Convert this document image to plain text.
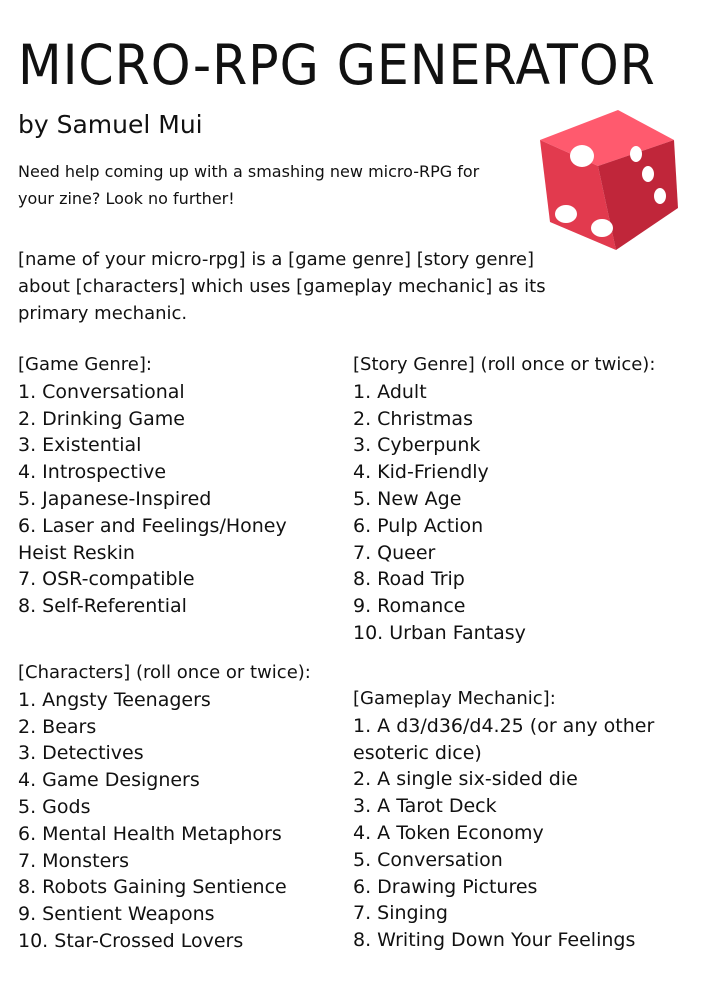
MICRO-RPG GENERATOR
by Samuel Mui
Need help coming up with a smashing new micro-RPG for your zine? Look no further!
[name of your micro-rpg] is a [game genre] [story genre] about [characters] which uses [gameplay mechanic] as its primary mechanic.
[Game Genre]:
1. Conversational
2. Drinking Game
3. Existential
4. Introspective
5. Japanese-Inspired
6. Laser and Feelings/Honey Heist Reskin
7. OSR-compatible
8. Self-Referential
[Story Genre] (roll once or twice):
1. Adult
2. Christmas
3. Cyberpunk
4. Kid-Friendly
5. New Age
6. Pulp Action
7. Queer
8. Road Trip
9. Romance
10. Urban Fantasy
[Characters] (roll once or twice):
1. Angsty Teenagers
2. Bears
3. Detectives
4. Game Designers
5. Gods
6. Mental Health Metaphors
7. Monsters
8. Robots Gaining Sentience
9. Sentient Weapons
10. Star-Crossed Lovers
[Gameplay Mechanic]:
1. A d3/d36/d4.25 (or any other esoteric dice)
2. A single six-sided die
3. A Tarot Deck
4. A Token Economy
5. Conversation
6. Drawing Pictures
7. Singing
8. Writing Down Your Feelings
